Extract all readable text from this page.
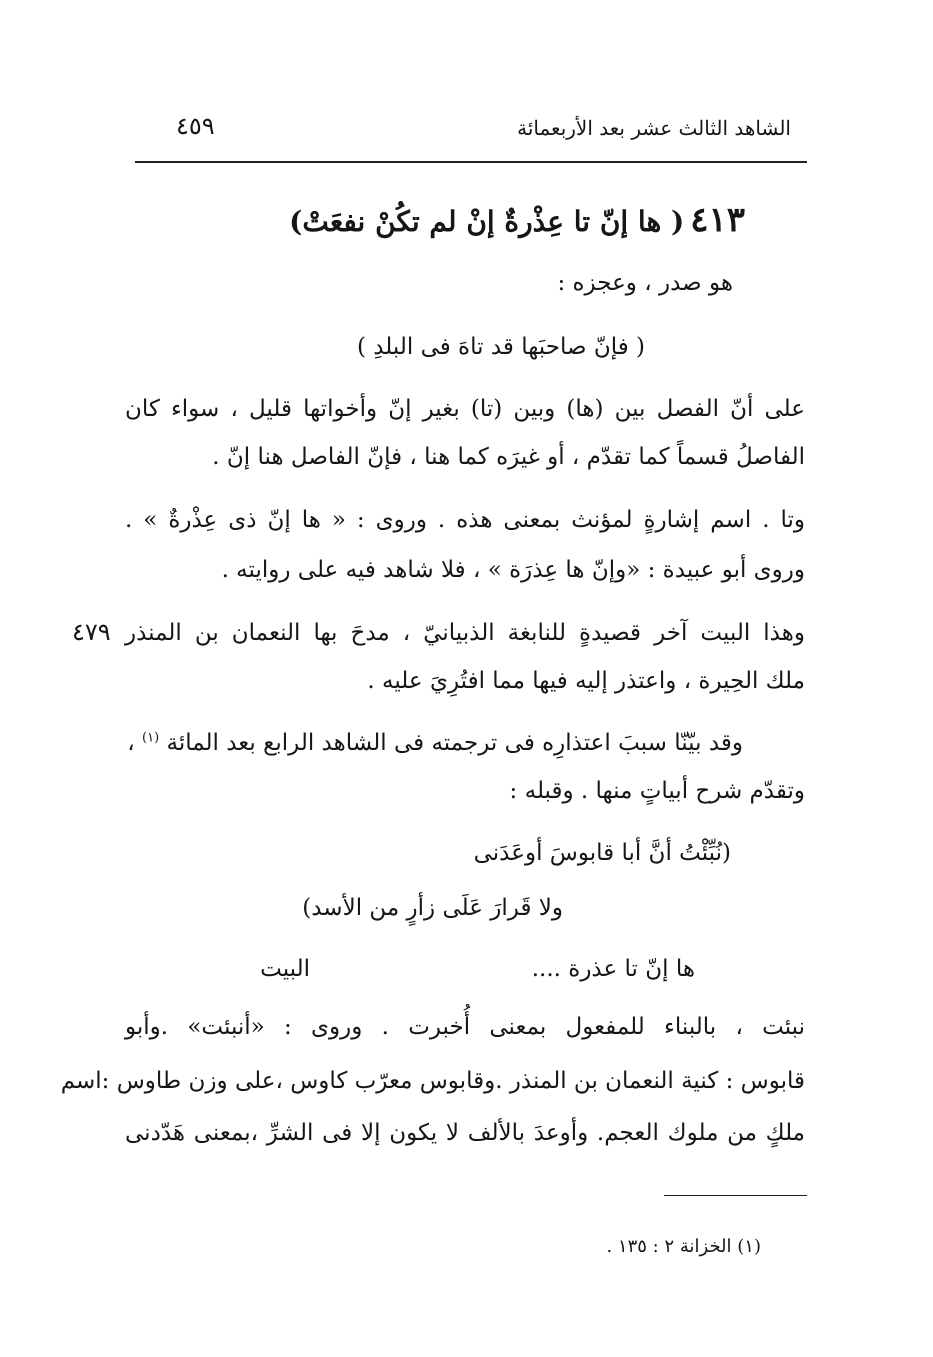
الشاهد الثالث عشر بعد الأربعمائة
٤٥٩
٤١٣( ها إنّ تا عِذْرةٌ إنْ لم تكُنْ نفعَتْ)
هو صدر ، وعجزه :
( فإنّ صاحبَها قد تاهَ فى البلدِ )
على أنّ الفصل بين (ها) وبين (تا) بغير إنّ وأخواتها قليل ، سواء كان
الفاصلُ قسماً كما تقدّم ، أو غيرَه كما هنا ، فإنّ الفاصل هنا إنّ .
وتا . اسم إشارةٍ لمؤنث بمعنى هذه . وروى : « ها إنّ ذى عِذْرةٌ » .
وروى أبو عبيدة : «وإنّ ها عِذرَة » ، فلا شاهد فيه على روايته .
وهذا البيت آخر قصيدةٍ للنابغة الذبيانيّ ، مدحَ بها النعمان بن المنذر
٤٧٩
ملك الحِيرة ، واعتذر إليه فيها مما افتُرِيَ عليه .
وقد بيّنّا سببَ اعتذارِه فى ترجمته فى الشاهد الرابع بعد المائة $^{(١)}$ ،
وتقدّم شرح أبياتٍ منها . وقبله :
(نُبِّئْتُ أنَّ أبا قابوسَ أوعَدَنى
ولا قَرارَ عَلَى زأرٍ من الأسد)
ها إنّ تا عذرة ....
البيت
نبئت ، بالبناء للمفعول بمعنى أُخبرت . وروى : «أنبئت» .وأبو
قابوس : كنية النعمان بن المنذر .وقابوس معرّب كاوس ،على وزن طاوس :اسم
ملكٍ من ملوك العجم. وأوعدَ بالألف لا يكون إلا فى الشرِّ ،بمعنى هَدّدنى
(١) الخزانة ٢ : ١٣٥ .
